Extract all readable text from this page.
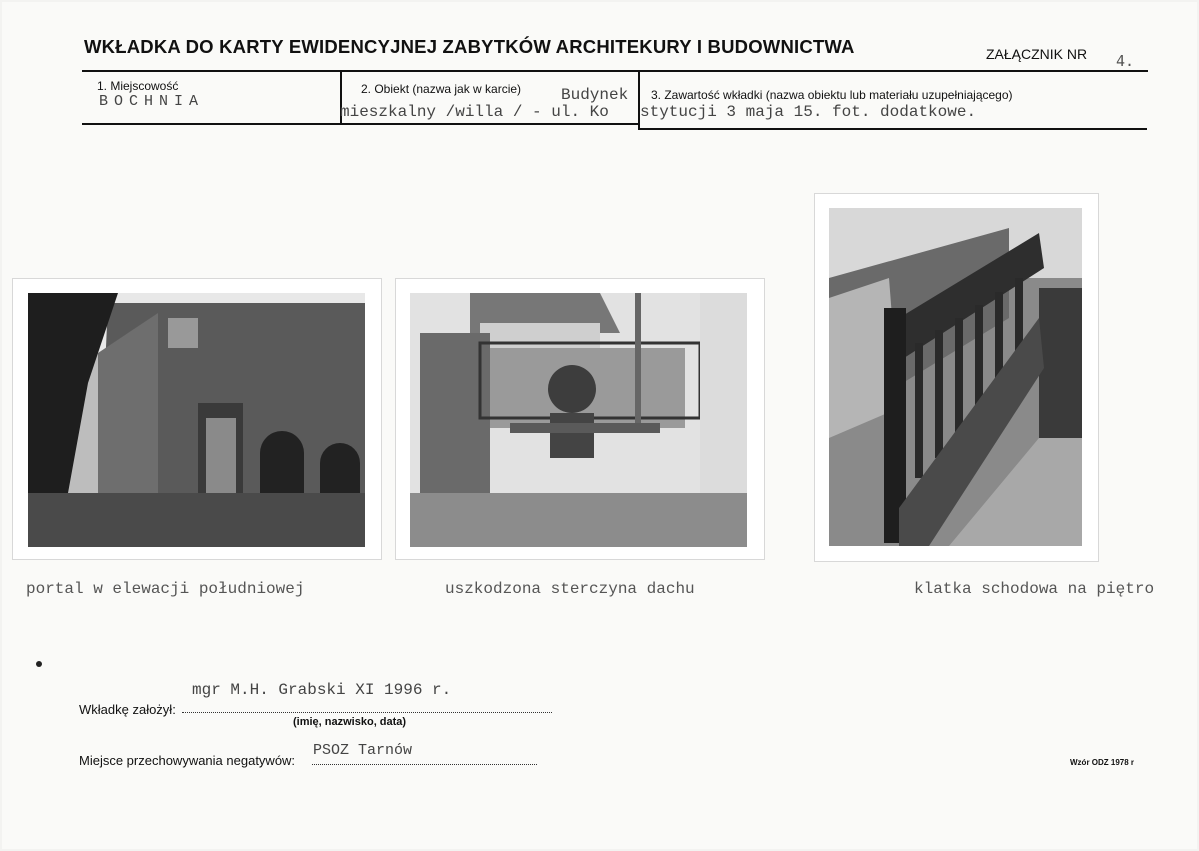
WKŁADKA DO KARTY EWIDENCYJNEJ ZABYTKÓW ARCHITEKURY I BUDOWNICTWA	ZAŁĄCZNIK NR 4.
1. Miejscowość
BOCHNIA
2. Obiekt (nazwa jak w karcie) Budynek
mieszkalny /willa / - ul. Ko
3. Zawartość wkładki (nazwa obiektu lub materiału uzupełniającego)
stytucji 3 maja 15. fot. dodatkowe.
portal w elewacji południowej	uszkodzona sterczyna dachu	klatka schodowa na piętro
mgr M.H. Grabski XI 1996 r.
Wkładkę założył:
(imię, nazwisko, data)
PSOZ Tarnów
Miejsce przechowywania negatywów:	Wzór ODZ 1978 r
